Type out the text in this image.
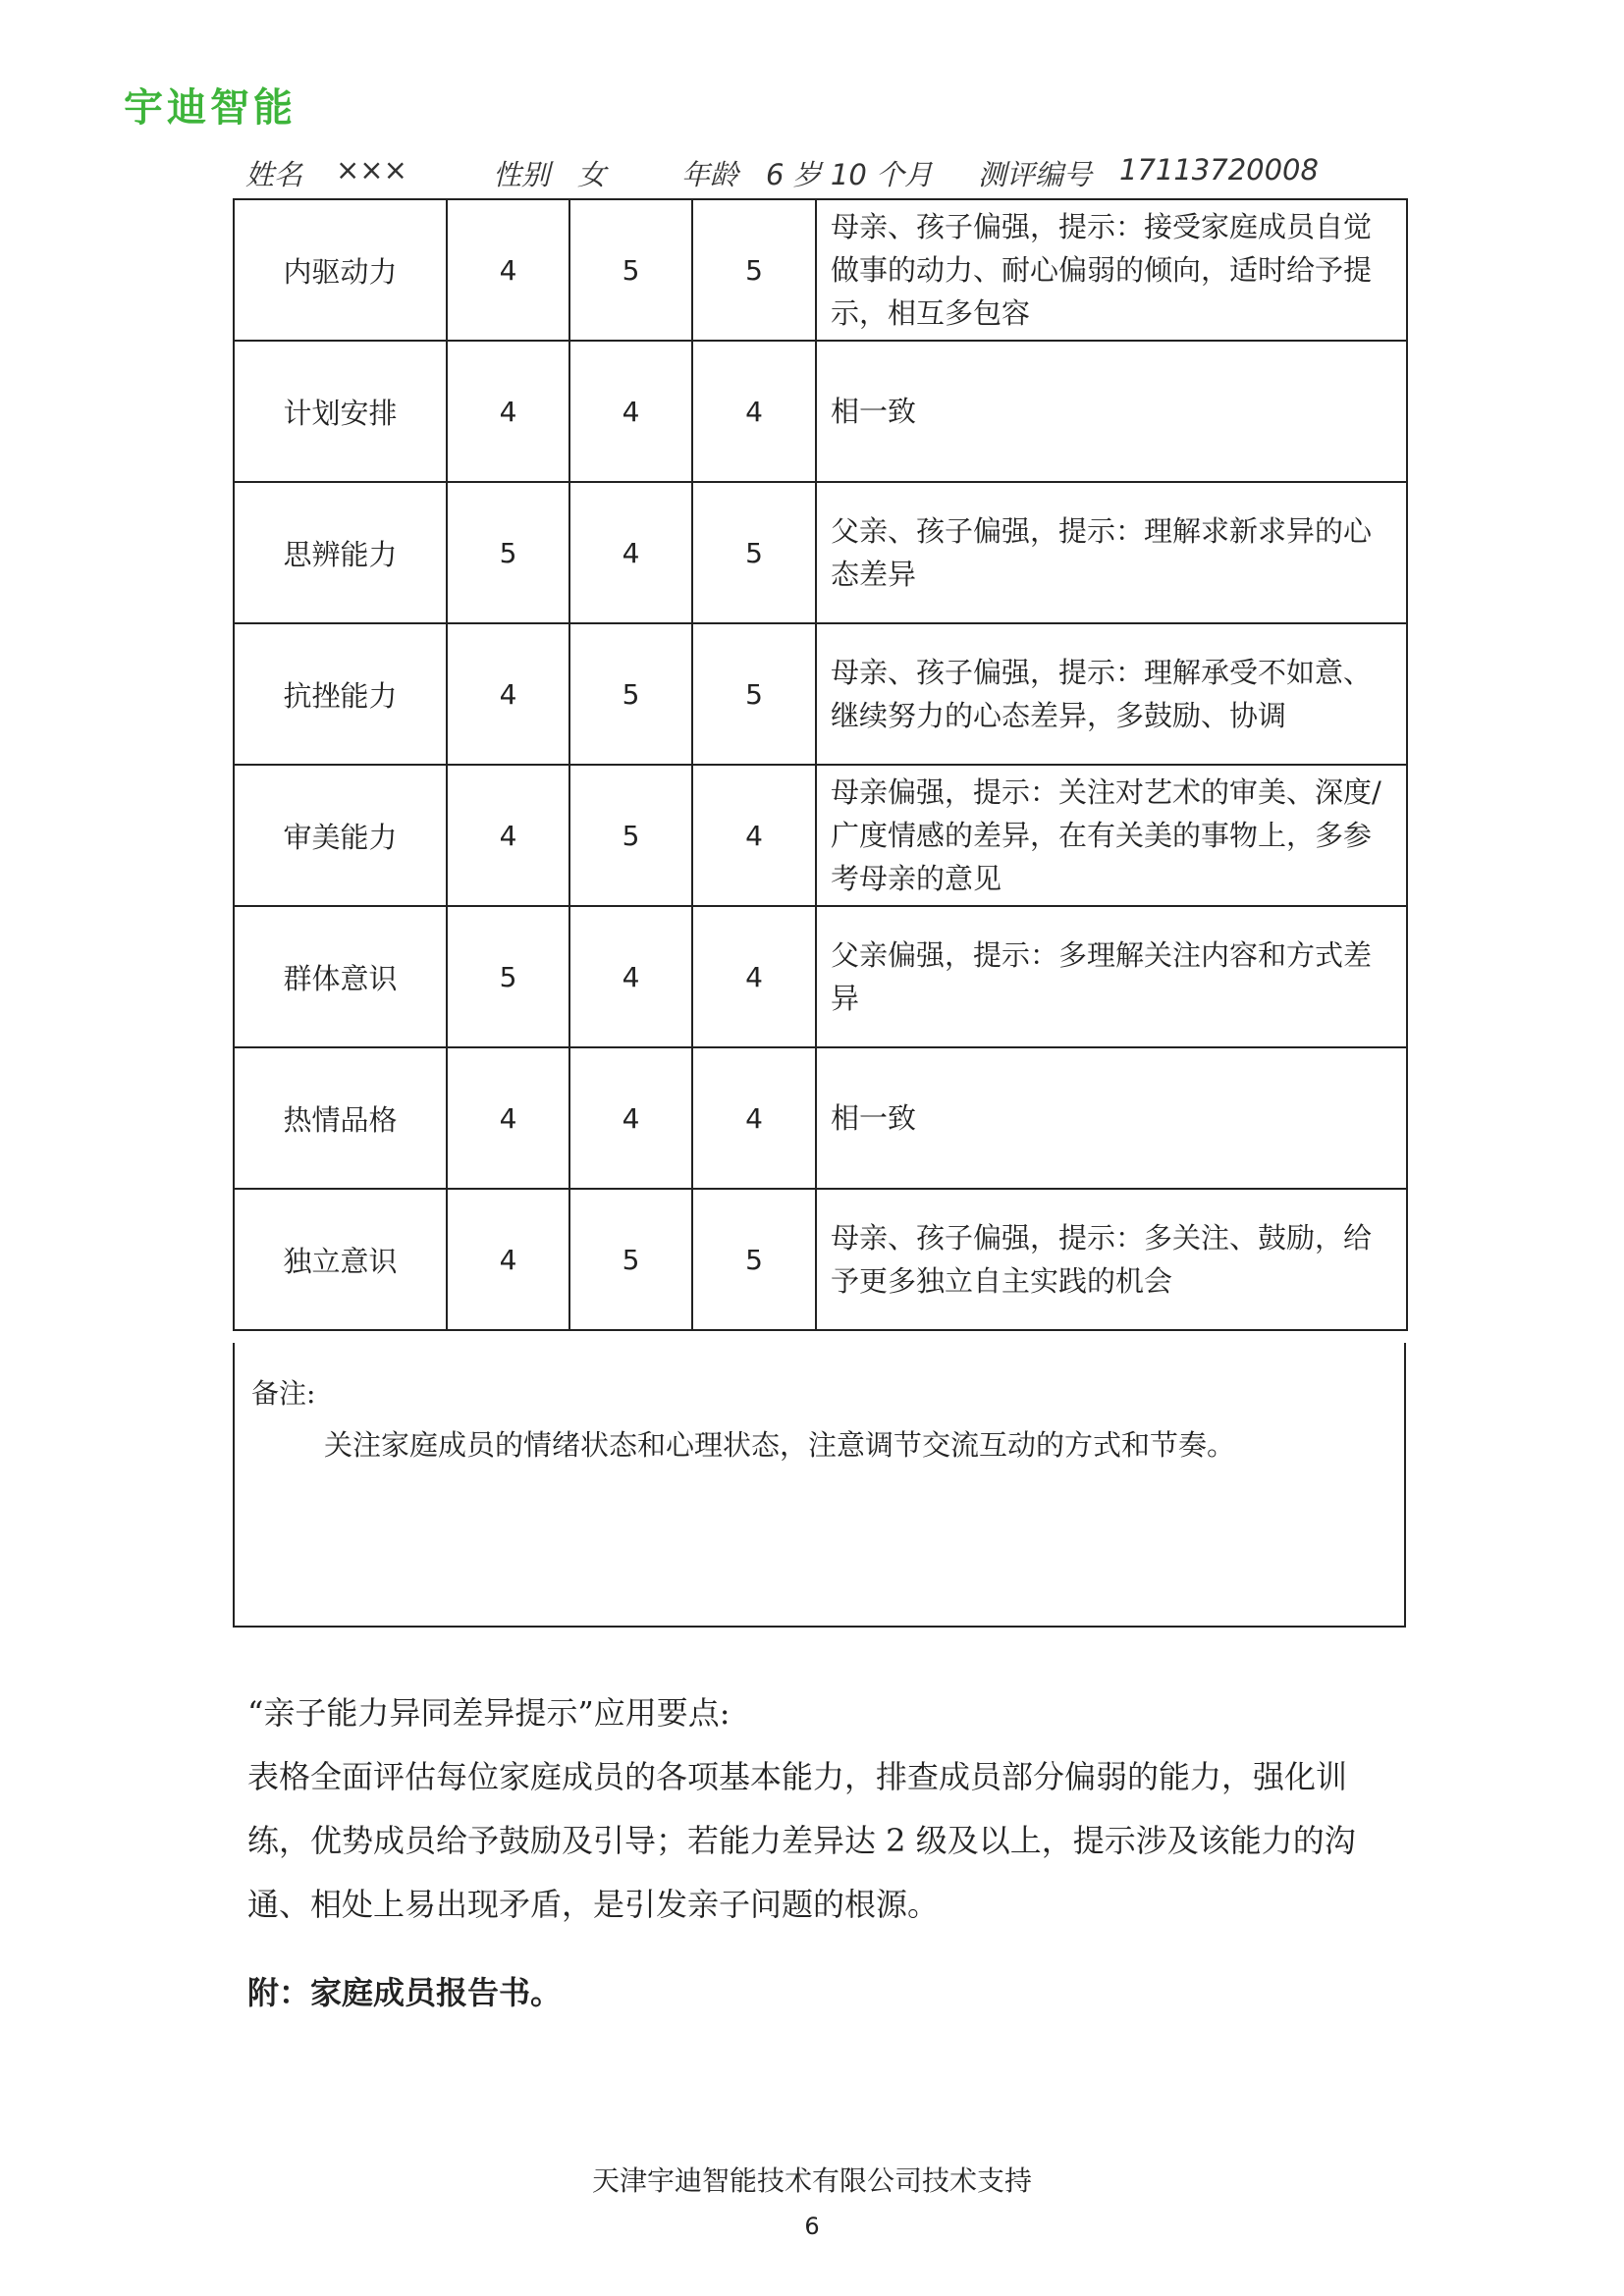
宇迪智能
姓名 ×××	性别 女	年龄 6 岁 10 个月 测评编号 17113720008
内驱动力	4	5	5	母亲、孩子偏强，提示：接受家庭成员自觉做事的动力、耐心偏弱的倾向，适时给予提示，相互多包容
计划安排	4	4	4	相一致
思辨能力	5	4	5	父亲、孩子偏强，提示：理解求新求异的心态差异
抗挫能力	4	5	5	母亲、孩子偏强，提示：理解承受不如意、继续努力的心态差异，多鼓励、协调
审美能力	4	5	4	母亲偏强，提示：关注对艺术的审美、深度/广度情感的差异，在有关美的事物上，多参考母亲的意见
群体意识	5	4	4	父亲偏强，提示：多理解关注内容和方式差异
热情品格	4	4	4	相一致
独立意识	4	5	5	母亲、孩子偏强，提示：多关注、鼓励，给予更多独立自主实践的机会
备注:
关注家庭成员的情绪状态和心理状态，注意调节交流互动的方式和节奏。
“亲子能力异同差异提示”应用要点:
表格全面评估每位家庭成员的各项基本能力，排查成员部分偏弱的能力，强化训
练，优势成员给予鼓励及引导；若能力差异达 2 级及以上，提示涉及该能力的沟
通、相处上易出现矛盾，是引发亲子问题的根源。
附：家庭成员报告书。
天津宇迪智能技术有限公司技术支持
6
